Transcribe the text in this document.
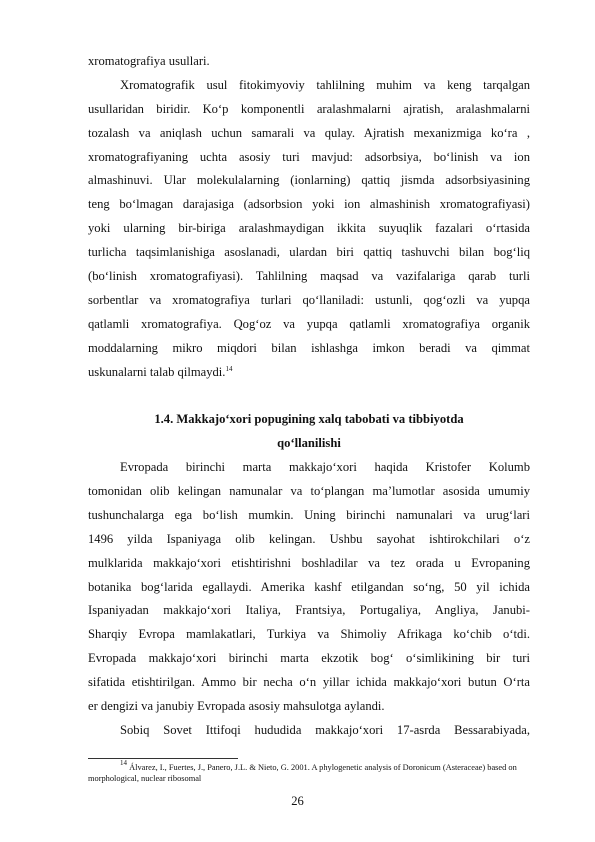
xromatografiya usullari.
Xromatografik usul fitokimyoviy tahlilning muhim va keng tarqalgan
usullaridan biridir. Ko‘p komponentli aralashmalarni ajratish, aralashmalarni
tozalash va aniqlash uchun samarali va qulay. Ajratish mexanizmiga ko‘ra ,
xromatografiyaning uchta asosiy turi mavjud: adsorbsiya, bo‘linish va ion
almashinuvi. Ular molekulalarning (ionlarning) qattiq jismda adsorbsiyasining
teng bo‘lmagan darajasiga (adsorbsion yoki ion almashinish xromatografiyasi)
yoki ularning bir-biriga aralashmaydigan ikkita suyuqlik fazalari o‘rtasida
turlicha taqsimlanishiga asoslanadi, ulardan biri qattiq tashuvchi bilan bog‘liq
(bo‘linish xromatografiyasi). Tahlilning maqsad va vazifalariga qarab turli
sorbentlar va xromatografiya turlari qo‘llaniladi: ustunli, qog‘ozli va yupqa
qatlamli xromatografiya. Qog‘oz va yupqa qatlamli xromatografiya organik
moddalarning mikro miqdori bilan ishlashga imkon beradi va qimmat
uskunalarni talab qilmaydi.$^{14}$
1.4. Makkajo‘xori popugining xalq tabobati va tibbiyotda
qo‘llanilishi
Evropada birinchi marta makkajo‘xori haqida Kristofer Kolumb
tomonidan olib kelingan namunalar va to‘plangan ma’lumotlar asosida umumiy
tushunchalarga ega bo‘lish mumkin. Uning birinchi namunalari va urug‘lari
1496 yilda Ispaniyaga olib kelingan. Ushbu sayohat ishtirokchilari o‘z
mulklarida makkajo‘xori etishtirishni boshladilar va tez orada u Evropaning
botanika bog‘larida egallaydi. Amerika kashf etilgandan so‘ng, 50 yil ichida
Ispaniyadan makkajo‘xori Italiya, Frantsiya, Portugaliya, Angliya, Janubi-
Sharqiy Evropa mamlakatlari, Turkiya va Shimoliy Afrikaga ko‘chib o‘tdi.
Evropada makkajo‘xori birinchi marta ekzotik bog‘ o‘simlikining bir turi
sifatida etishtirilgan. Ammo bir necha o‘n yillar ichida makkajo‘xori butun O‘rta
er dengizi va janubiy Evropada asosiy mahsulotga aylandi.
Sobiq Sovet Ittifoqi hududida makkajo‘xori 17-asrda Bessarabiyada,
$^{14}$ Álvarez, I., Fuertes, J., Panero, J.L. & Nieto, G. 2001. A phylogenetic analysis of Doronicum (Asteraceae) based on morphological, nuclear ribosomal
26
